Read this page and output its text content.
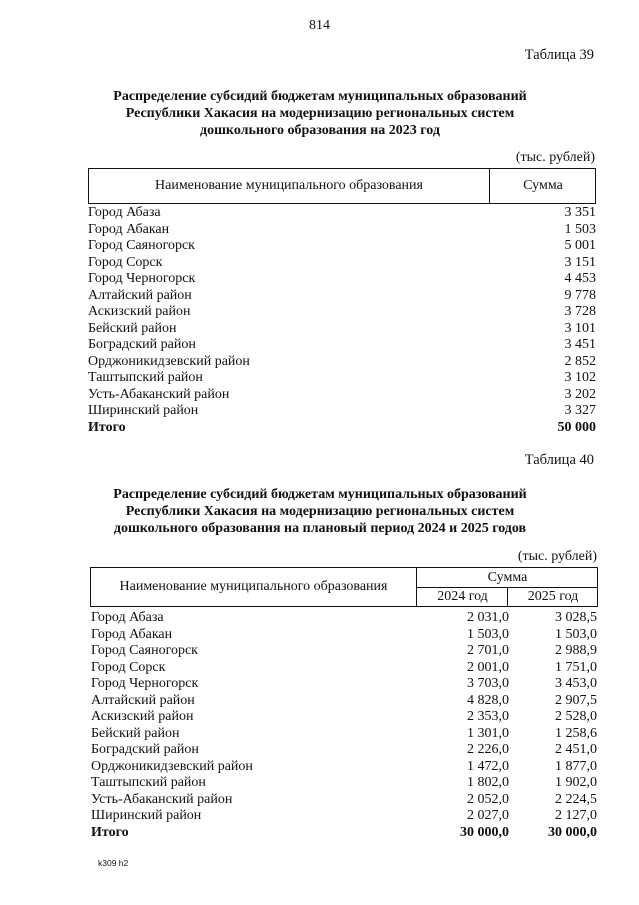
814
Таблица 39
Распределение субсидий бюджетам муниципальных образований
Республики Хакасия на модернизацию региональных систем
дошкольного образования на 2023 год
(тыс. рублей)
Наименование муниципального образования	Сумма
Город Абаза	3 351
Город Абакан	1 503
Город Саяногорск	5 001
Город Сорск	3 151
Город Черногорск	4 453
Алтайский район	9 778
Аскизский район	3 728
Бейский район	3 101
Боградский район	3 451
Орджоникидзевский район	2 852
Таштыпский район	3 102
Усть-Абаканский район	3 202
Ширинский район	3 327
Итого	50 000
Таблица 40
Распределение субсидий бюджетам муниципальных образований
Республики Хакасия на модернизацию региональных систем
дошкольного образования на плановый период 2024 и 2025 годов
(тыс. рублей)
Наименование муниципального образования
Сумма
2024 год	2025 год
Город Абаза	2 031,0	3 028,5
Город Абакан	1 503,0	1 503,0
Город Саяногорск	2 701,0	2 988,9
Город Сорск	2 001,0	1 751,0
Город Черногорск	3 703,0	3 453,0
Алтайский район	4 828,0	2 907,5
Аскизский район	2 353,0	2 528,0
Бейский район	1 301,0	1 258,6
Боградский район	2 226,0	2 451,0
Орджоникидзевский район	1 472,0	1 877,0
Таштыпский район	1 802,0	1 902,0
Усть-Абаканский район	2 052,0	2 224,5
Ширинский район	2 027,0	2 127,0
Итого	30 000,0	30 000,0
k309 h2
